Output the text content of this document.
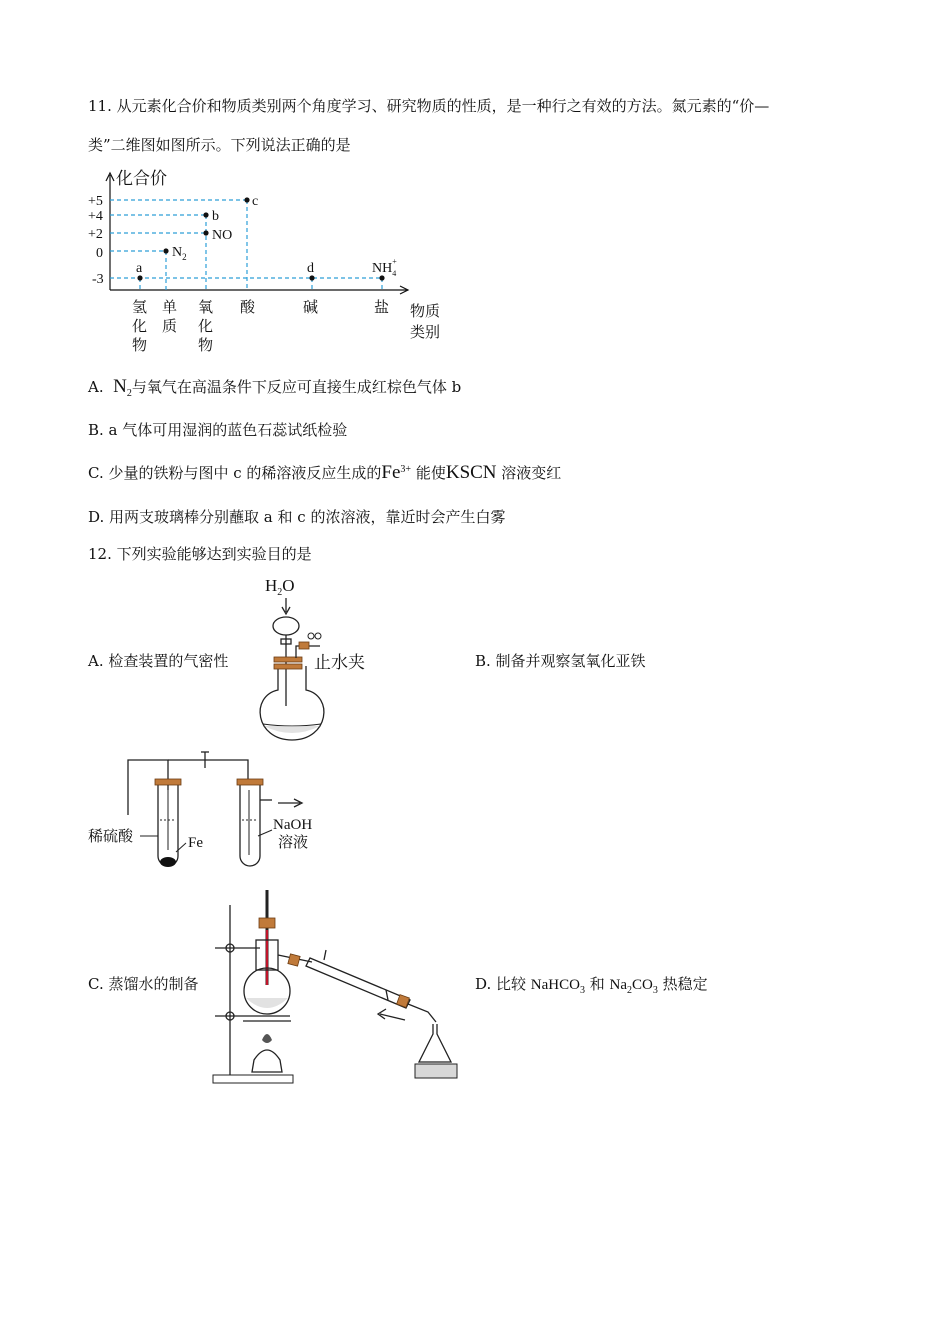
11. 从元素化合价和物质类别两个角度学习、研究物质的性质，是一种行之有效的方法。氮元素的“价—
类”二维图如图所示。下列说法正确的是
化合价
+5
+4
+2
0
-3
a
$N_2$
NO
b
c
d	$NH_4+$
氢化物
单质
氧化物
酸	碱	盐 物质类别
A. $N_2$与氧气在高温条件下反应可直接生成红棕色气体 b
B. a 气体可用湿润的蓝色石蕊试纸检验
C. 少量的铁粉与图中 c 的稀溶液反应生成的$Fe^{3+}$ 能使KSCN 溶液变红
D. 用两支玻璃棒分别蘸取 a 和 c 的浓溶液，靠近时会产生白雾
12. 下列实验能够达到实验目的是
A. 检查装置的气密性	B. 制备并观察氢氧化亚铁
C. 蒸馏水的制备	D. 比较 NaHCO$_3$ 和 $Na_2CO_3$ 热稳定
$H_2O$
止水夹
稀硫酸	Fe
NaOH
溶液
